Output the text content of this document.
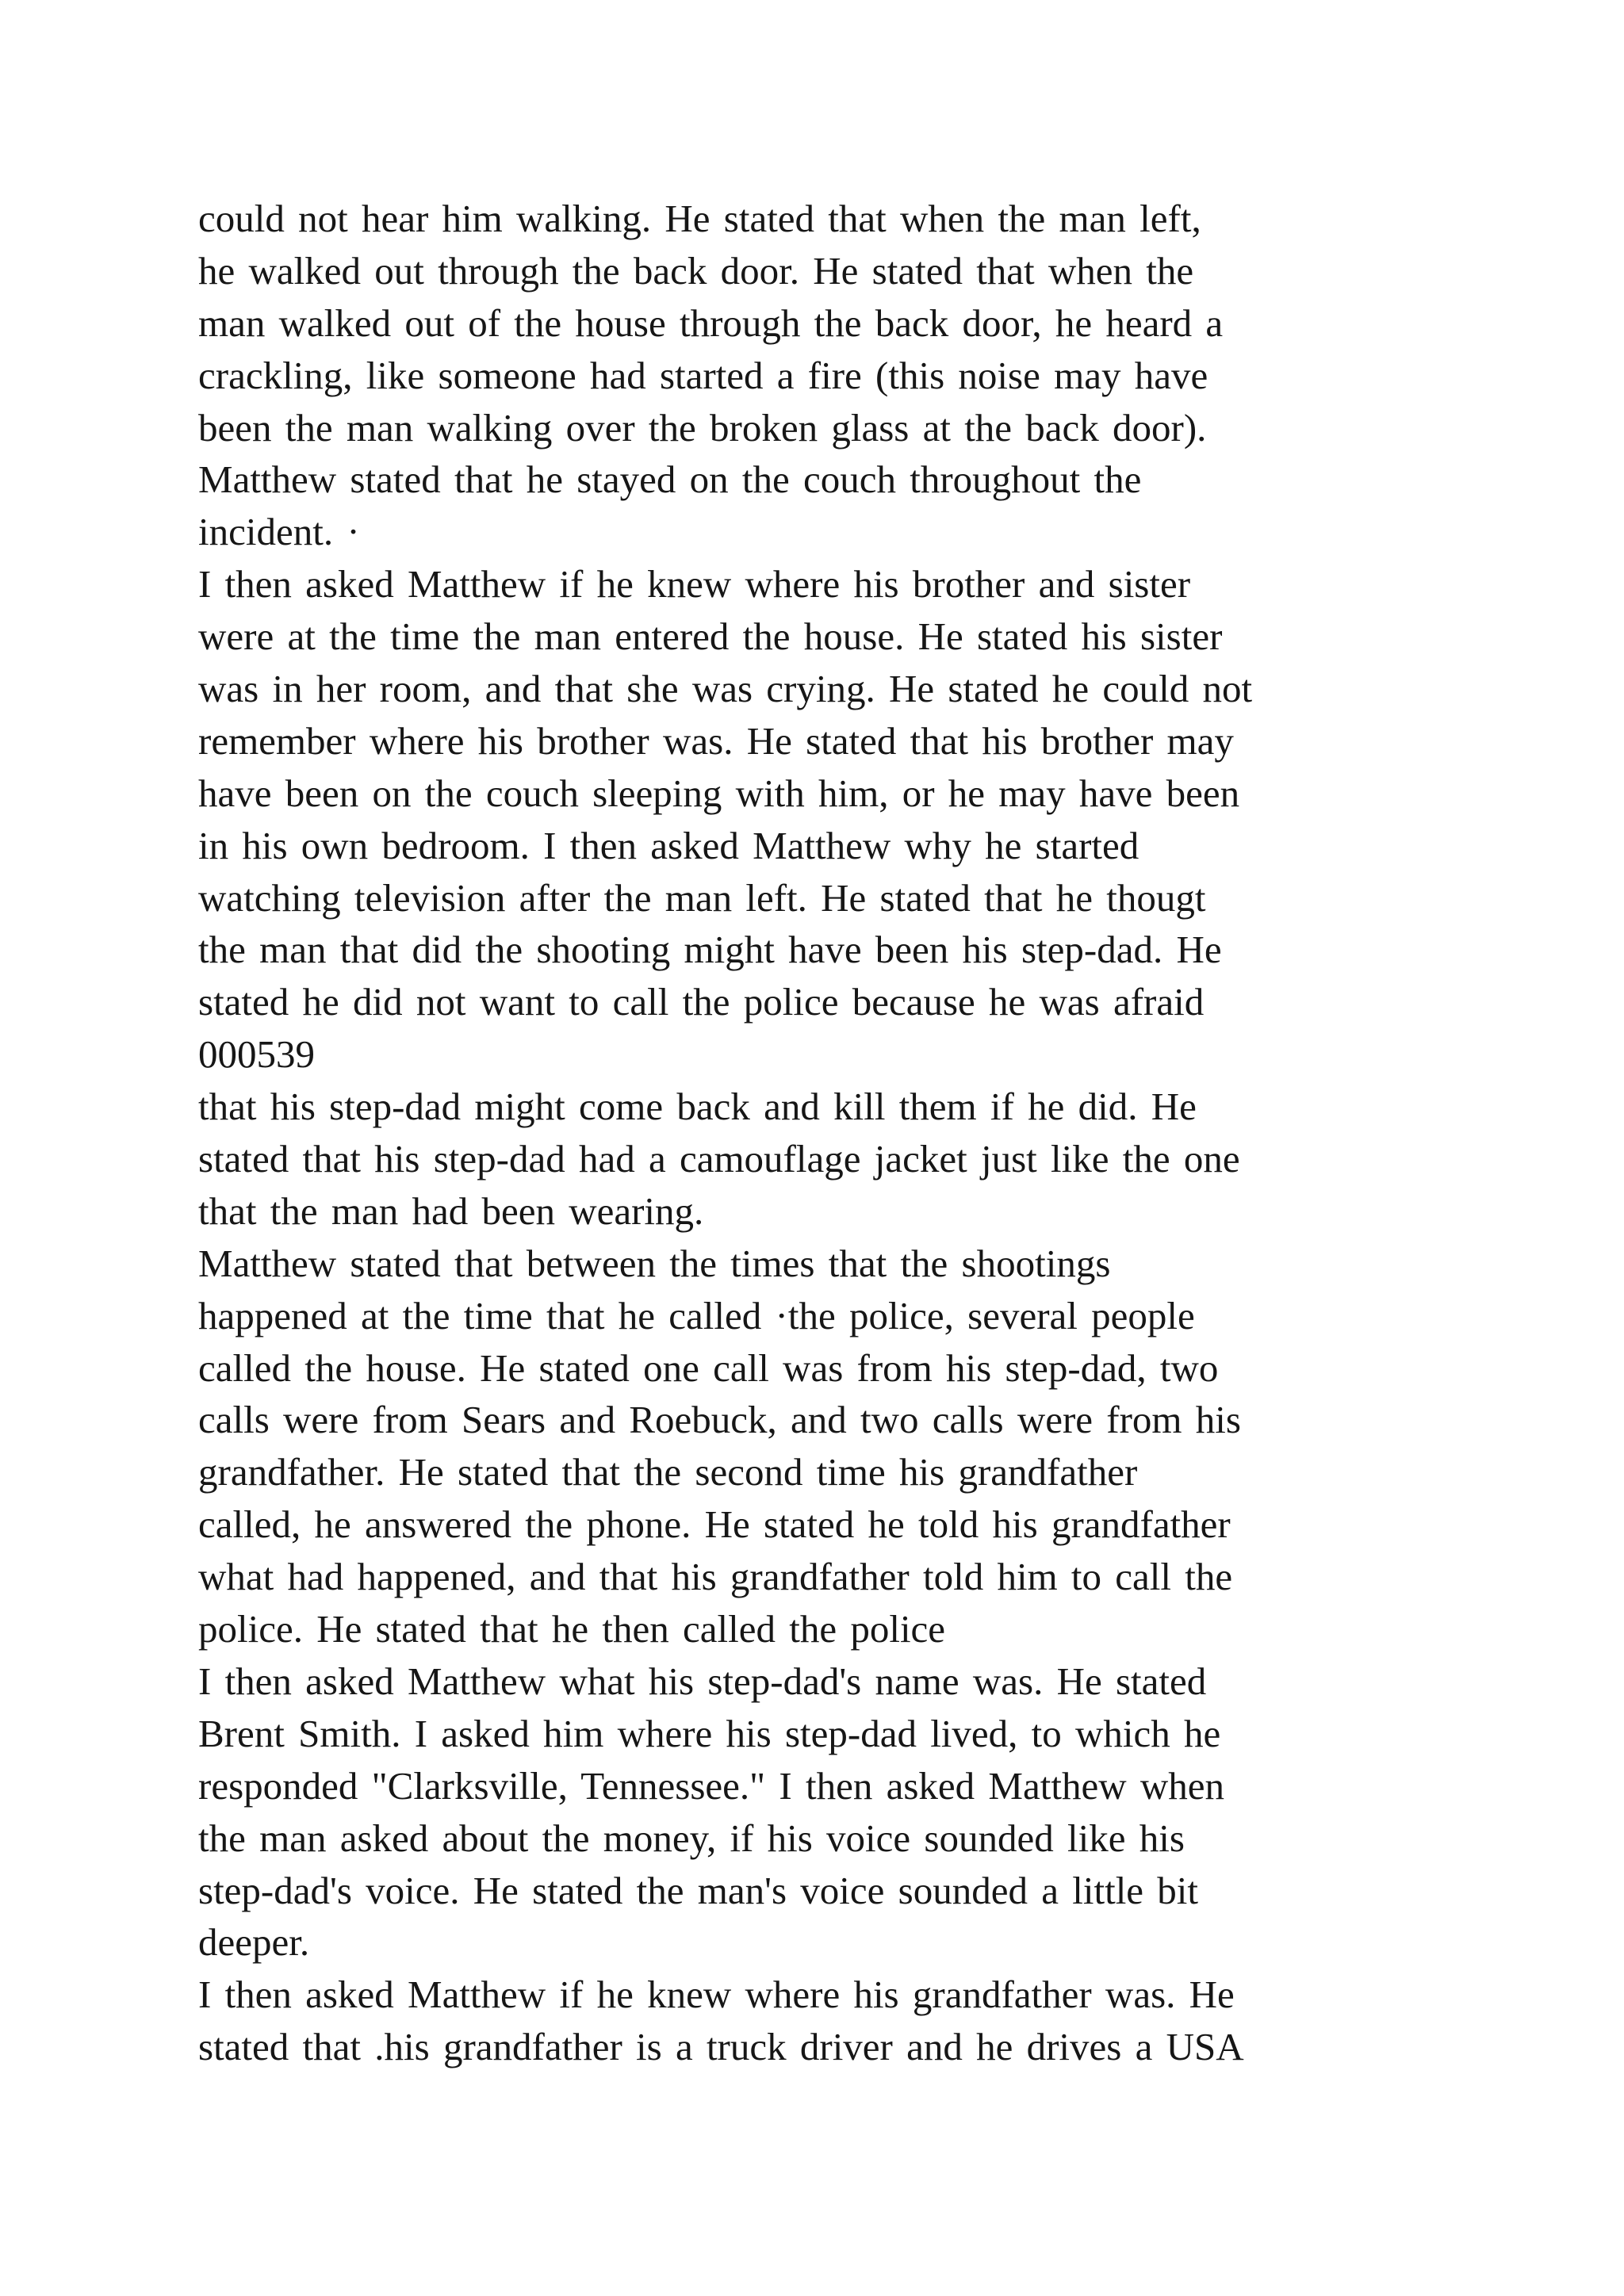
could not hear him walking. He stated that when the man left,
he walked out through the back door. He stated that when the
man walked out of the house through the back door, he heard a
crackling, like someone had started a fire (this noise may have
been the man walking over the broken glass at the back door).
Matthew stated that he stayed on the couch throughout the
incident. ·
I then asked Matthew if he knew where his brother and sister
were at the time the man entered the house. He stated his sister
was in her room, and that she was crying. He stated he could not
remember where his brother was. He stated that his brother may
have been on the couch sleeping with him, or he may have been
in his own bedroom. I then asked Matthew why he started
watching television after the man left. He stated that he thougt
the man that did the shooting might have been his step-dad. He
stated he did not want to call the police because he was afraid
000539
that his step-dad might come back and kill them if he did. He
stated that his step-dad had a camouflage jacket just like the one
that the man had been wearing.
Matthew stated that between the times that the shootings
happened at the time that he called ·the police, several people
called the house. He stated one call was from his step-dad, two
calls were from Sears and Roebuck, and two calls were from his
grandfather. He stated that the second time his grandfather
called, he answered the phone. He stated he told his grandfather
what had happened, and that his grandfather told him to call the
police. He stated that he then called the police
I then asked Matthew what his step-dad's name was. He stated
Brent Smith. I asked him where his step-dad lived, to which he
responded "Clarksville, Tennessee." I then asked Matthew when
the man asked about the money, if his voice sounded like his
step-dad's voice. He stated the man's voice sounded a little bit
deeper.
I then asked Matthew if he knew where his grandfather was. He
stated that .his grandfather is a truck driver and he drives a USA
